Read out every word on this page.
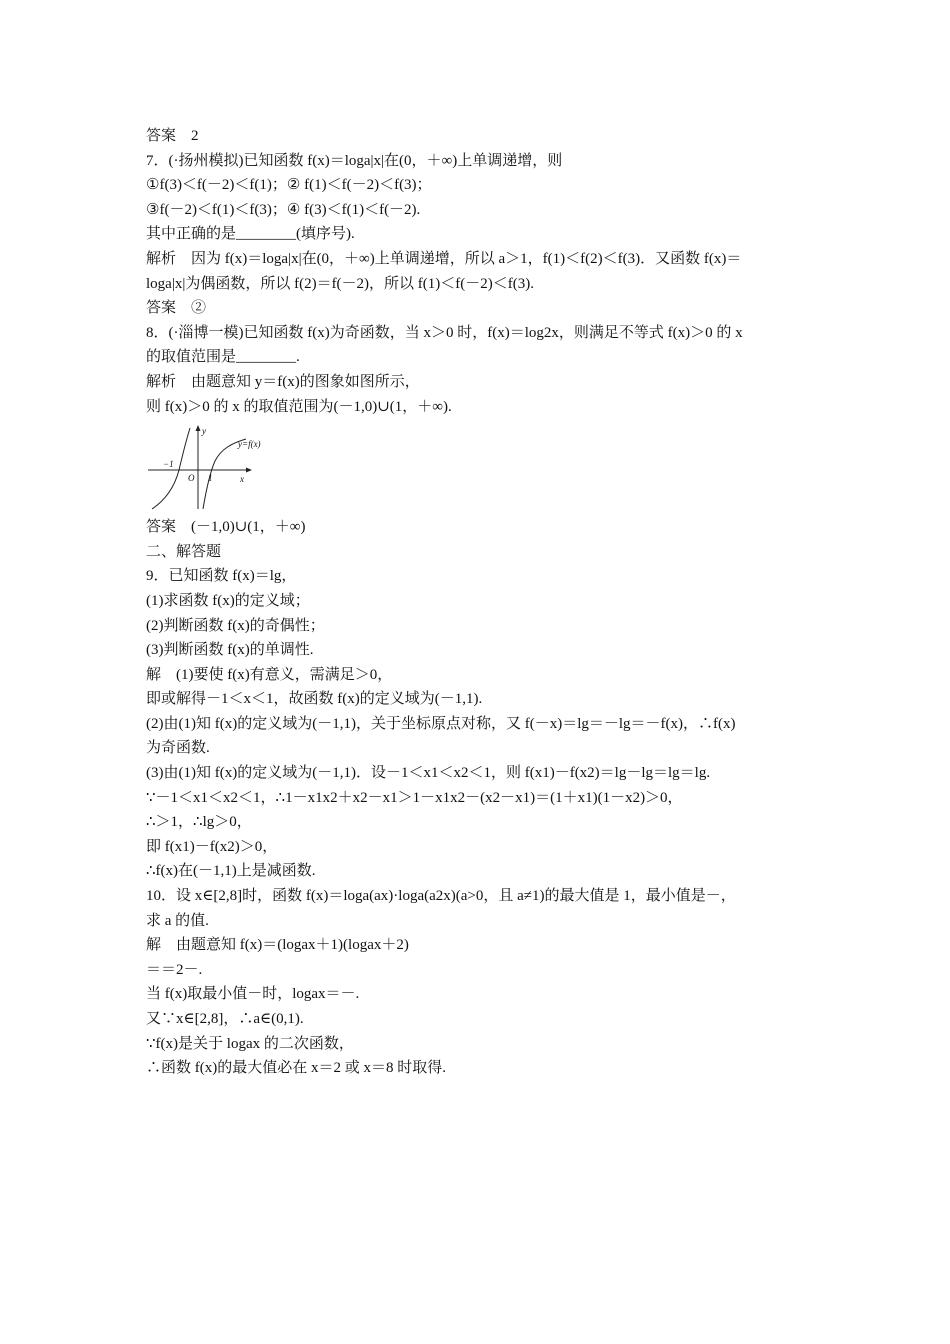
答案　2
7．(·扬州模拟)已知函数 f(x)＝loga|x|在(0，＋∞)上单调递增，则
①f(3)＜f(－2)＜f(1)；② f(1)＜f(－2)＜f(3)；
③f(－2)＜f(1)＜f(3)；④ f(3)＜f(1)＜f(－2).
其中正确的是________(填序号).
解析　因为 f(x)＝loga|x|在(0，＋∞)上单调递增，所以 a＞1，f(1)＜f(2)＜f(3)．又函数 f(x)＝
loga|x|为偶函数，所以 f(2)＝f(－2)，所以 f(1)＜f(－2)＜f(3).
答案　②
8．(·淄博一模)已知函数 f(x)为奇函数，当 x＞0 时，f(x)＝log2x，则满足不等式 f(x)＞0 的 x
的取值范围是________.
解析　由题意知 y＝f(x)的图象如图所示，
则 f(x)＞0 的 x 的取值范围为(－1,0)∪(1，＋∞).
y
y=f(x)
−1
O 1	x
答案　(－1,0)∪(1，＋∞)
二、解答题
9．已知函数 f(x)＝lg，
(1)求函数 f(x)的定义域；
(2)判断函数 f(x)的奇偶性；
(3)判断函数 f(x)的单调性.
解　(1)要使 f(x)有意义，需满足＞0，
即或解得－1＜x＜1，故函数 f(x)的定义域为(－1,1).
(2)由(1)知 f(x)的定义域为(－1,1)，关于坐标原点对称，又 f(－x)＝lg＝－lg＝－f(x)，∴f(x)
为奇函数.
(3)由(1)知 f(x)的定义域为(－1,1)．设－1＜x1＜x2＜1，则 f(x1)－f(x2)＝lg－lg＝lg＝lg.
∵－1＜x1＜x2＜1，∴1－x1x2＋x2－x1＞1－x1x2－(x2－x1)＝(1＋x1)(1－x2)＞0，
∴＞1，∴lg＞0，
即 f(x1)－f(x2)＞0，
∴f(x)在(－1,1)上是减函数.
10．设 x∈[2,8]时，函数 f(x)＝loga(ax)·loga(a2x)(a>0，且 a≠1)的最大值是 1，最小值是－，
求 a 的值.
解　由题意知 f(x)＝(logax＋1)(logax＋2)
＝＝2－.
当 f(x)取最小值－时，logax＝－.
又∵x∈[2,8]，∴a∈(0,1).
∵f(x)是关于 logax 的二次函数，
∴函数 f(x)的最大值必在 x＝2 或 x＝8 时取得.
